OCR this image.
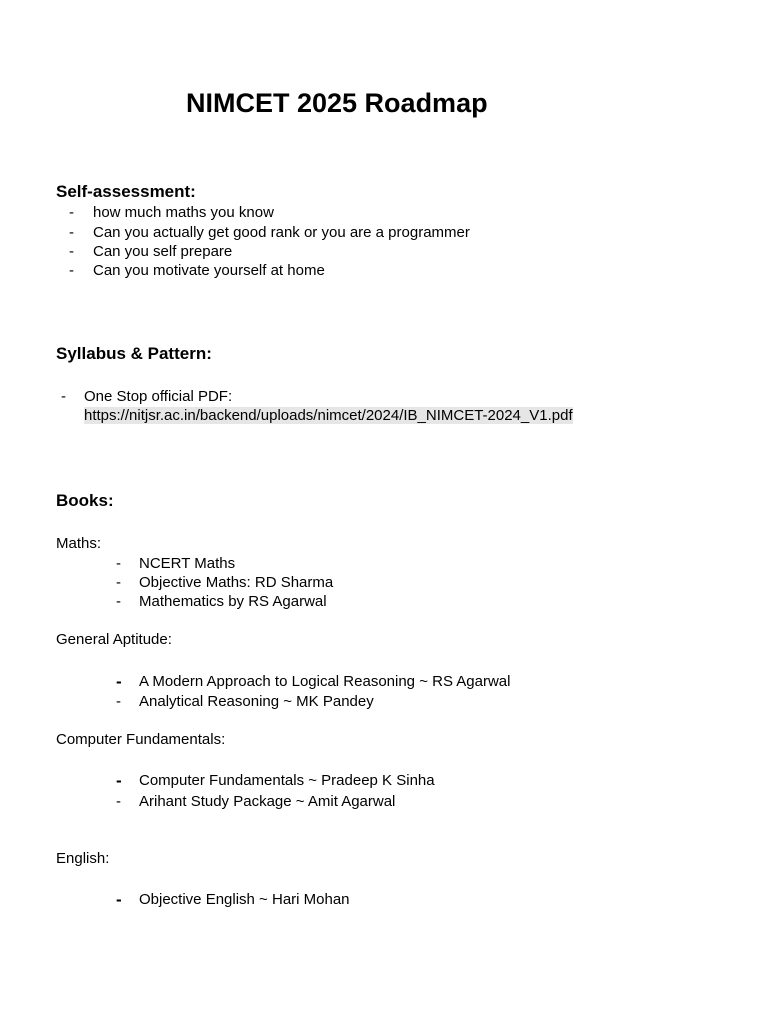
NIMCET 2025 Roadmap
Self-assessment:
- how much maths you know
- Can you actually get good rank or you are a programmer
- Can you self prepare
- Can you motivate yourself at home
Syllabus & Pattern:
- One Stop official PDF:
https://nitjsr.ac.in/backend/uploads/nimcet/2024/IB_NIMCET-2024_V1.pdf
Books:
Maths:
- NCERT Maths
- Objective Maths: RD Sharma
- Mathematics by RS Agarwal
General Aptitude:
- A Modern Approach to Logical Reasoning ~ RS Agarwal
- Analytical Reasoning ~ MK Pandey
Computer Fundamentals:
- Computer Fundamentals ~ Pradeep K Sinha
- Arihant Study Package ~ Amit Agarwal
English:
- Objective English ~ Hari Mohan
